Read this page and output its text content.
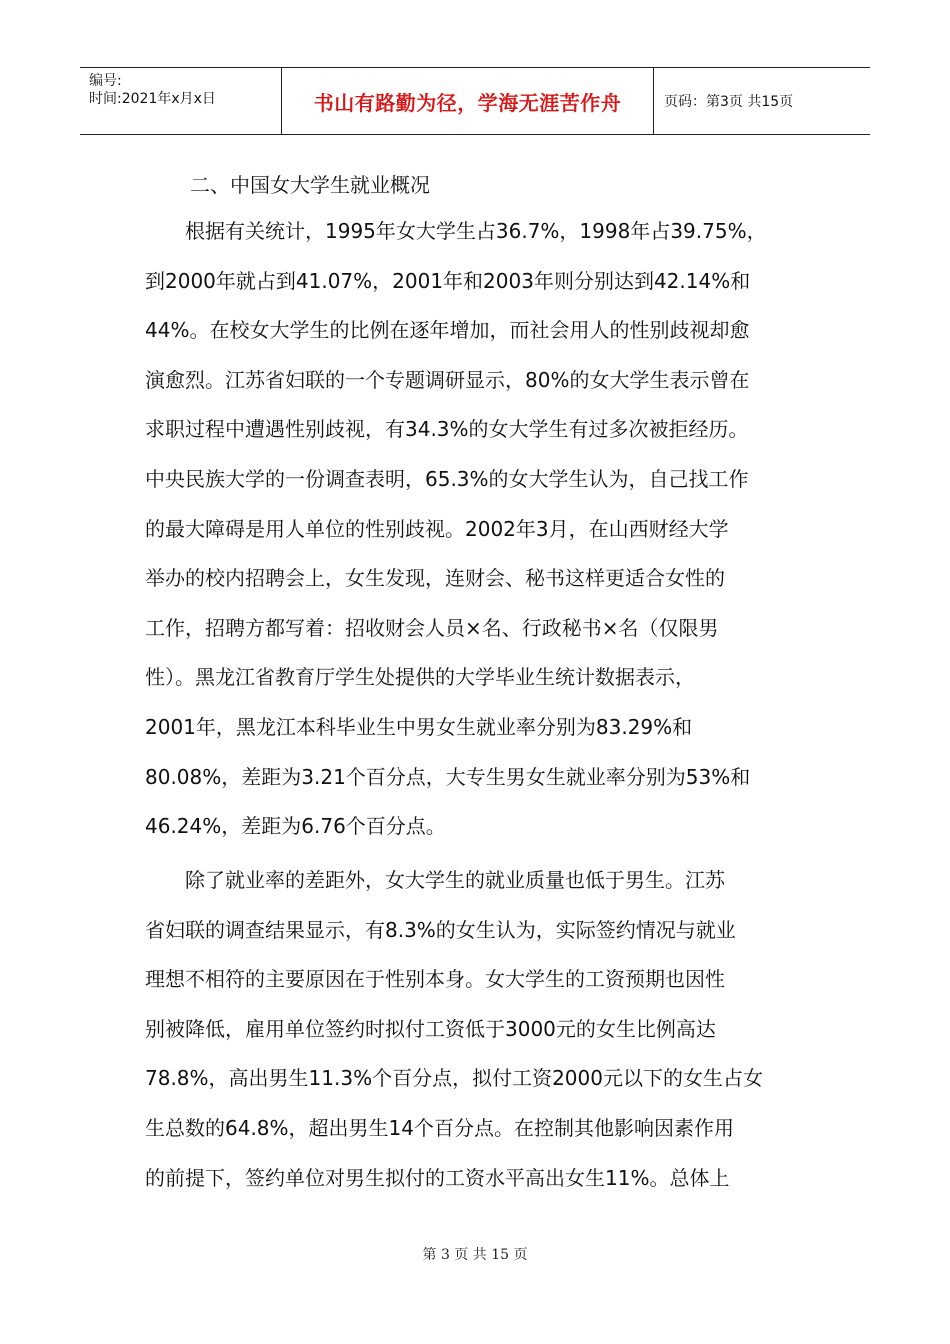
编号:
时间:2021年x月x日	书山有路勤为径，学海无涯苦作舟	页码：第3页 共15页
二、中国女大学生就业概况
　　根据有关统计，1995年女大学生占36.7%，1998年占39.75%，
到2000年就占到41.07%，2001年和2003年则分别达到42.14%和
44%。在校女大学生的比例在逐年增加，而社会用人的性别歧视却愈
演愈烈。江苏省妇联的一个专题调研显示，80%的女大学生表示曾在
求职过程中遭遇性别歧视，有34.3%的女大学生有过多次被拒经历。
中央民族大学的一份调查表明，65.3%的女大学生认为，自己找工作
的最大障碍是用人单位的性别歧视。2002年3月，在山西财经大学
举办的校内招聘会上，女生发现，连财会、秘书这样更适合女性的
工作，招聘方都写着：招收财会人员×名、行政秘书×名（仅限男
性）。黑龙江省教育厅学生处提供的大学毕业生统计数据表示，
2001年，黑龙江本科毕业生中男女生就业率分别为83.29%和
80.08%，差距为3.21个百分点，大专生男女生就业率分别为53%和
46.24%，差距为6.76个百分点。
　　除了就业率的差距外，女大学生的就业质量也低于男生。江苏
省妇联的调查结果显示，有8.3%的女生认为，实际签约情况与就业
理想不相符的主要原因在于性别本身。女大学生的工资预期也因性
别被降低，雇用单位签约时拟付工资低于3000元的女生比例高达
78.8%，高出男生11.3%个百分点，拟付工资2000元以下的女生占女
生总数的64.8%，超出男生14个百分点。在控制其他影响因素作用
的前提下，签约单位对男生拟付的工资水平高出女生11%。总体上
第 3 页 共 15 页
